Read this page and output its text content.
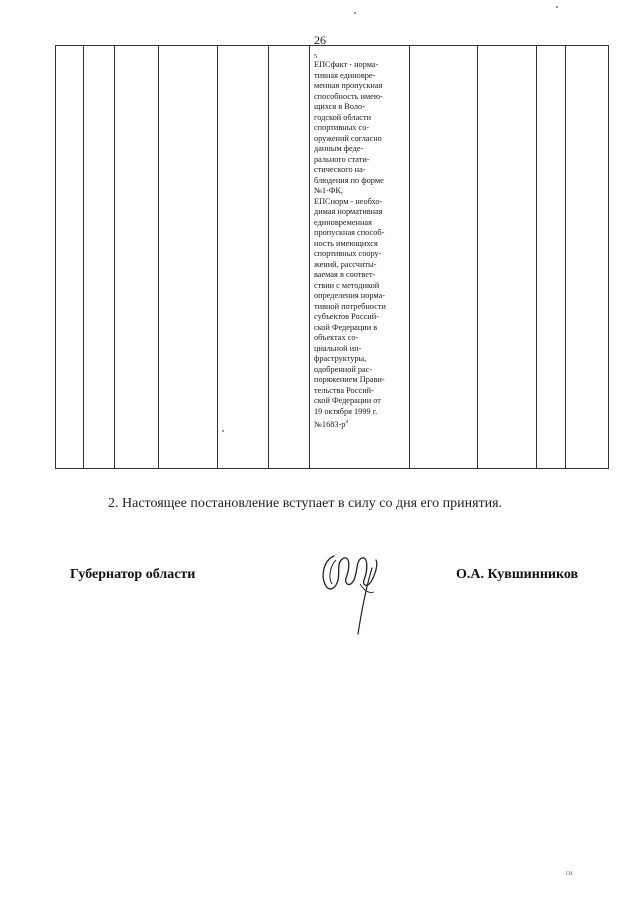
26

5
ЕПСфакт - норма-
тивная единовре-
менная пропускная
способность имею-
щихся в Воло-
годской области
спортивных со-
оружений согласно
данным феде-
рального стати-
стического на-
блюдения по форме
№1-ФК,
ЕПСнорм - необхо-
димая нормативная
единовременная
пропускная способ-
ность имеющихся
спортивных соору-
жений, рассчиты-
ваемая в соответ-
ствии с методикой
определения норма-
тивной потребности
субъектов Россий-
ской Федерации в
объектах со-
циальной ин-
фраструктуры,
одобренной рас-
поряжением Прави-
тельства Россий-
ской Федерации от
19 октября 1999 г.
$№1683-р^4$

2. Настоящее постановление вступает в силу со дня его принятия.
Губернатор области	О.А. Кувшинников
ГИ
